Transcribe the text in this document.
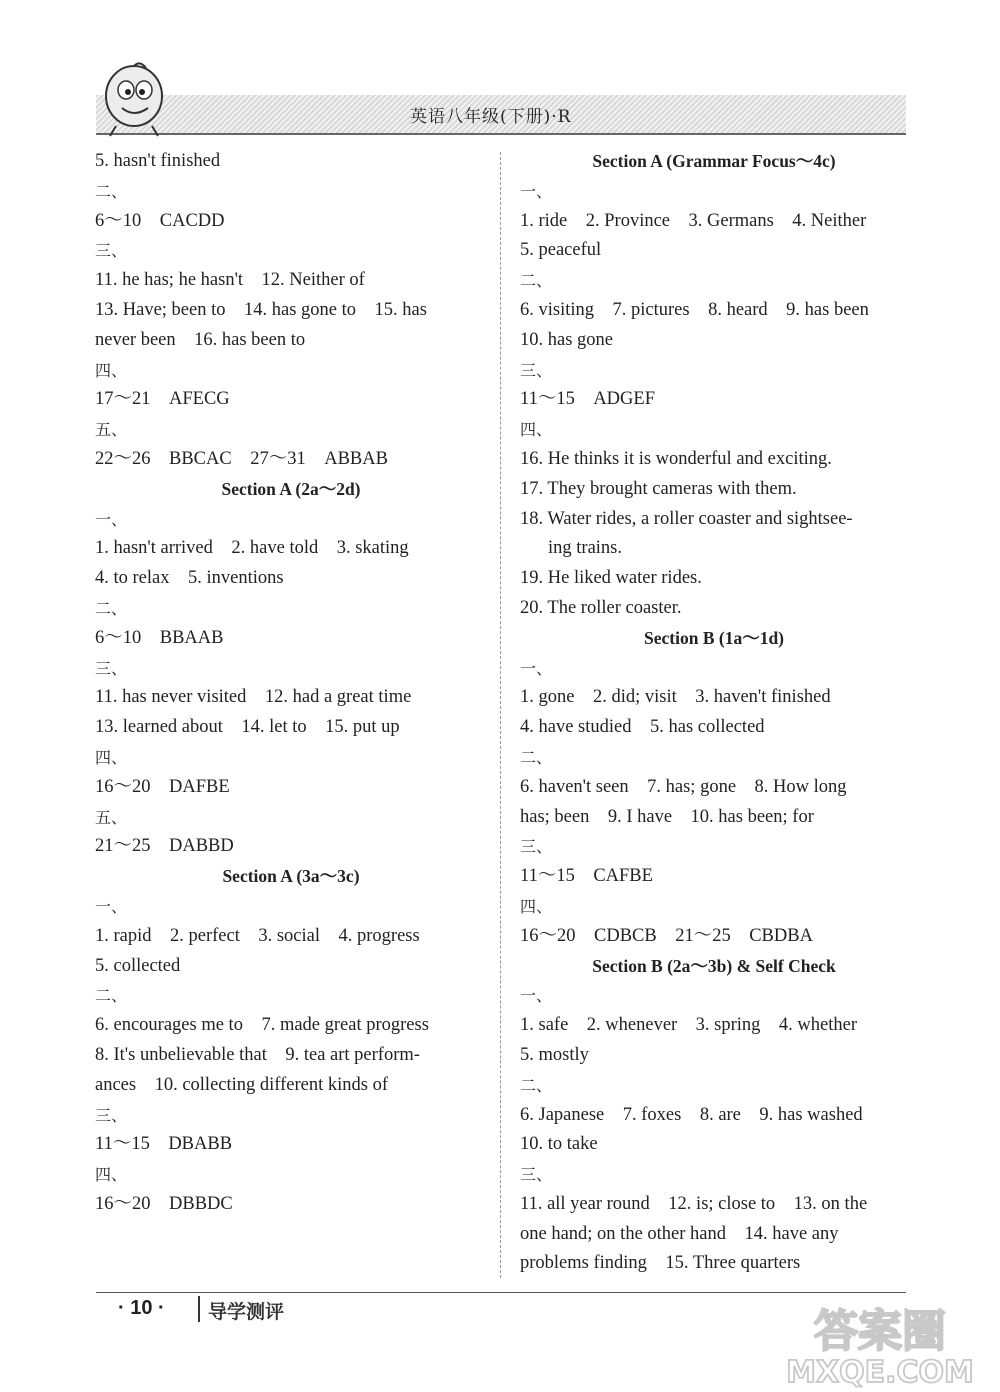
英语八年级(下册)·R
5. hasn't finished
二、
6～10　CACDD
三、
11. he has; he hasn't　12. Neither of
13. Have; been to　14. has gone to　15. has
never been　16. has been to
四、
17～21　AFECG
五、
22～26　BBCAC　27～31　ABBAB
Section A (2a～2d)
一、
1. hasn't arrived　2. have told　3. skating
4. to relax　5. inventions
二、
6～10　BBAAB
三、
11. has never visited　12. had a great time
13. learned about　14. let to　15. put up
四、
16～20　DAFBE
五、
21～25　DABBD
Section A (3a～3c)
一、
1. rapid　2. perfect　3. social　4. progress
5. collected
二、
6. encourages me to　7. made great progress
8. It's unbelievable that　9. tea art perform-
ances　10. collecting different kinds of
三、
11～15　DBABB
四、
16～20　DBBDC
Section A (Grammar Focus～4c)
一、
1. ride　2. Province　3. Germans　4. Neither
5. peaceful
二、
6. visiting　7. pictures　8. heard　9. has been
10. has gone
三、
11～15　ADGEF
四、
16. He thinks it is wonderful and exciting.
17. They brought cameras with them.
18. Water rides, a roller coaster and sightsee-
ing trains.
19. He liked water rides.
20. The roller coaster.
Section B (1a～1d)
一、
1. gone　2. did; visit　3. haven't finished
4. have studied　5. has collected
二、
6. haven't seen　7. has; gone　8. How long
has; been　9. I have　10. has been; for
三、
11～15　CAFBE
四、
16～20　CDBCB　21～25　CBDBA
Section B (2a～3b) & Self Check
一、
1. safe　2. whenever　3. spring　4. whether
5. mostly
二、
6. Japanese　7. foxes　8. are　9. has washed
10. to take
三、
11. all year round　12. is; close to　13. on the
one hand; on the other hand　14. have any
problems finding　15. Three quarters
· 10 · 导学测评	答案圈
MXQE.COM
